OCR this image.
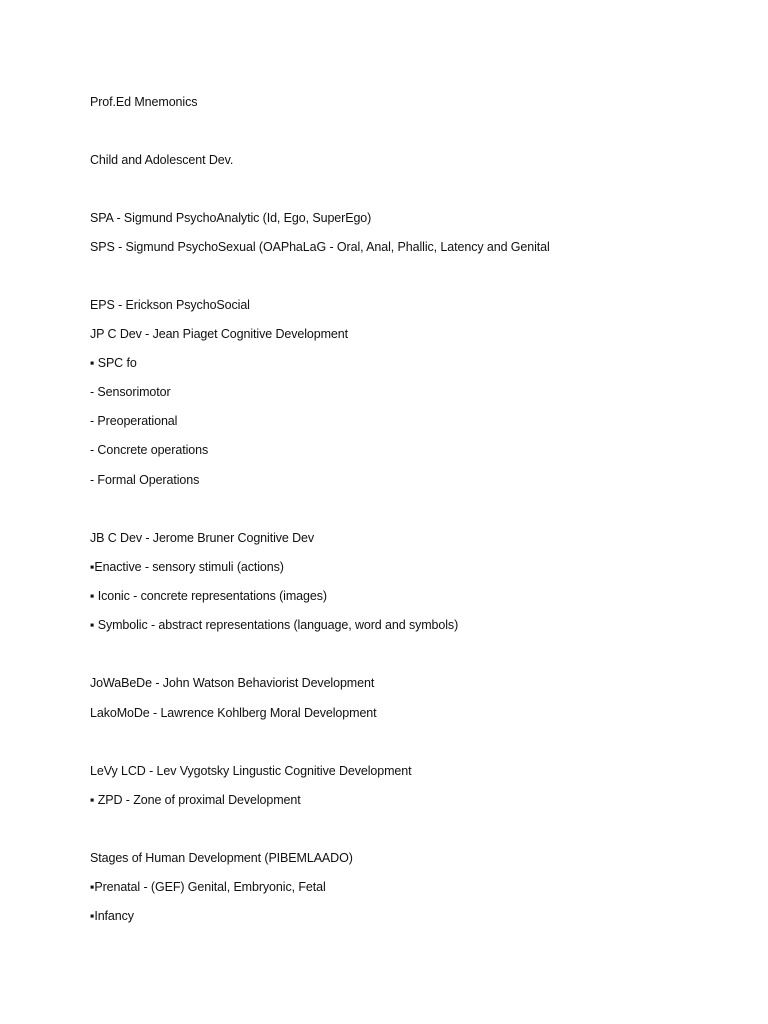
Prof.Ed Mnemonics
Child and Adolescent Dev.
SPA - Sigmund PsychoAnalytic (Id, Ego, SuperEgo)
SPS - Sigmund PsychoSexual (OAPhaLaG - Oral, Anal, Phallic, Latency and Genital
EPS - Erickson PsychoSocial
JP C Dev - Jean Piaget Cognitive Development
▪ SPC fo
- Sensorimotor
- Preoperational
- Concrete operations
- Formal Operations
JB C Dev - Jerome Bruner Cognitive Dev
▪Enactive - sensory stimuli (actions)
▪ Iconic - concrete representations (images)
▪ Symbolic - abstract representations (language, word and symbols)
JoWaBeDe - John Watson Behaviorist Development
LakoMoDe - Lawrence Kohlberg Moral Development
LeVy LCD - Lev Vygotsky Lingustic Cognitive Development
▪ ZPD - Zone of proximal Development
Stages of Human Development (PIBEMLAADO)
▪Prenatal - (GEF) Genital, Embryonic, Fetal
▪Infancy
